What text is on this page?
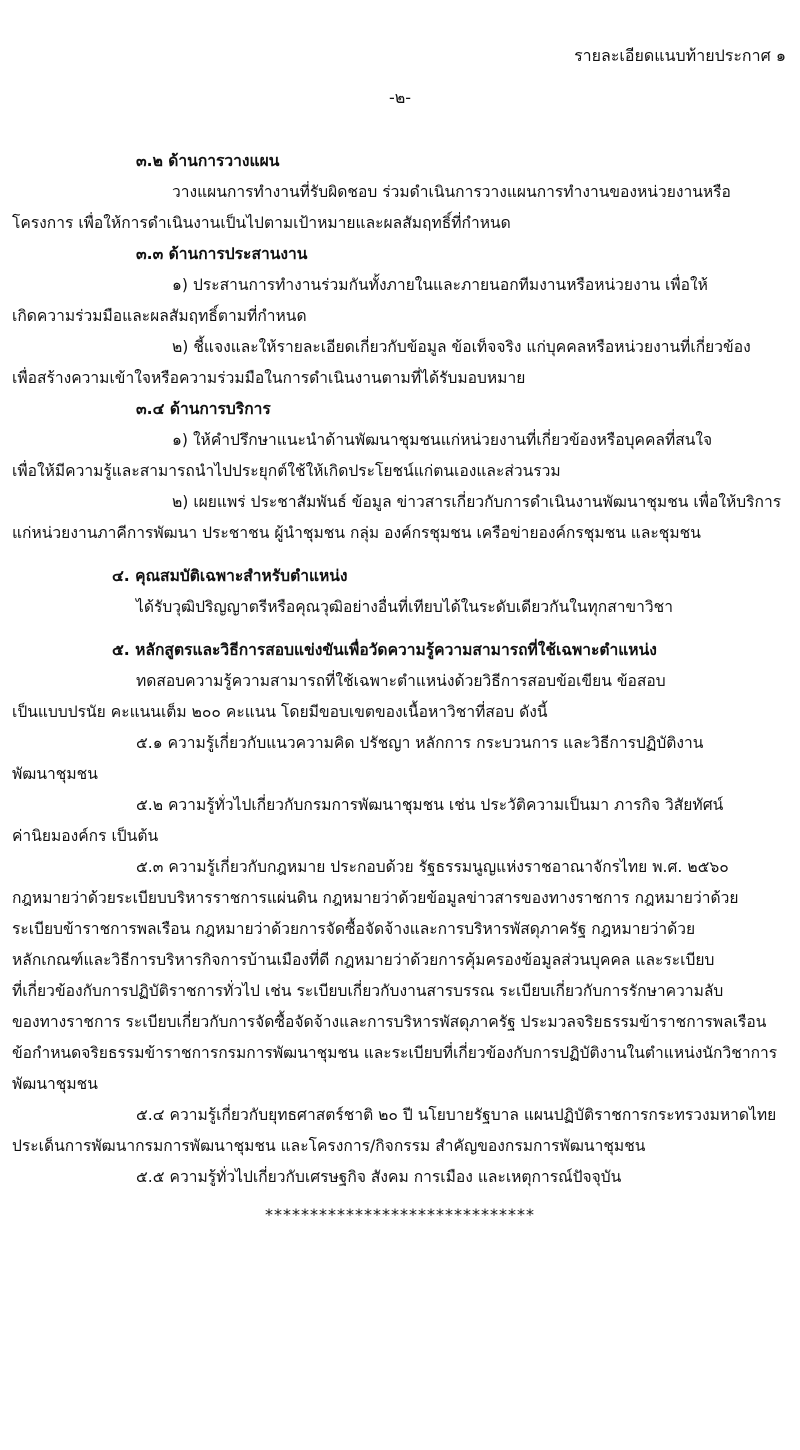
รายละเอียดแนบท้ายประกาศ ๑
-๒-
๓.๒ ด้านการวางแผน
วางแผนการทำงานที่รับผิดชอบ ร่วมดำเนินการวางแผนการทำงานของหน่วยงานหรือ
โครงการ เพื่อให้การดำเนินงานเป็นไปตามเป้าหมายและผลสัมฤทธิ์ที่กำหนด
๓.๓ ด้านการประสานงาน
๑) ประสานการทำงานร่วมกันทั้งภายในและภายนอกทีมงานหรือหน่วยงาน เพื่อให้
เกิดความร่วมมือและผลสัมฤทธิ์ตามที่กำหนด
๒) ชี้แจงและให้รายละเอียดเกี่ยวกับข้อมูล ข้อเท็จจริง แก่บุคคลหรือหน่วยงานที่เกี่ยวข้อง
เพื่อสร้างความเข้าใจหรือความร่วมมือในการดำเนินงานตามที่ได้รับมอบหมาย
๓.๔ ด้านการบริการ
๑) ให้คำปรึกษาแนะนำด้านพัฒนาชุมชนแก่หน่วยงานที่เกี่ยวข้องหรือบุคคลที่สนใจ
เพื่อให้มีความรู้และสามารถนำไปประยุกต์ใช้ให้เกิดประโยชน์แก่ตนเองและส่วนรวม
๒) เผยแพร่ ประชาสัมพันธ์ ข้อมูล ข่าวสารเกี่ยวกับการดำเนินงานพัฒนาชุมชน เพื่อให้บริการ
แก่หน่วยงานภาคีการพัฒนา ประชาชน ผู้นำชุมชน กลุ่ม องค์กรชุมชน เครือข่ายองค์กรชุมชน และชุมชน
๔. คุณสมบัติเฉพาะสำหรับตำแหน่ง
ได้รับวุฒิปริญญาตรีหรือคุณวุฒิอย่างอื่นที่เทียบได้ในระดับเดียวกันในทุกสาขาวิชา
๕. หลักสูตรและวิธีการสอบแข่งขันเพื่อวัดความรู้ความสามารถที่ใช้เฉพาะตำแหน่ง
ทดสอบความรู้ความสามารถที่ใช้เฉพาะตำแหน่งด้วยวิธีการสอบข้อเขียน ข้อสอบ
เป็นแบบปรนัย คะแนนเต็ม ๒๐๐ คะแนน โดยมีขอบเขตของเนื้อหาวิชาที่สอบ ดังนี้
๕.๑ ความรู้เกี่ยวกับแนวความคิด ปรัชญา หลักการ กระบวนการ และวิธีการปฏิบัติงาน
พัฒนาชุมชน
๕.๒ ความรู้ทั่วไปเกี่ยวกับกรมการพัฒนาชุมชน เช่น ประวัติความเป็นมา ภารกิจ วิสัยทัศน์
ค่านิยมองค์กร เป็นต้น
๕.๓ ความรู้เกี่ยวกับกฎหมาย ประกอบด้วย รัฐธรรมนูญแห่งราชอาณาจักรไทย พ.ศ. ๒๕๖๐
กฎหมายว่าด้วยระเบียบบริหารราชการแผ่นดิน กฎหมายว่าด้วยข้อมูลข่าวสารของทางราชการ กฎหมายว่าด้วย
ระเบียบข้าราชการพลเรือน กฎหมายว่าด้วยการจัดซื้อจัดจ้างและการบริหารพัสดุภาครัฐ กฎหมายว่าด้วย
หลักเกณฑ์และวิธีการบริหารกิจการบ้านเมืองที่ดี กฎหมายว่าด้วยการคุ้มครองข้อมูลส่วนบุคคล และระเบียบ
ที่เกี่ยวข้องกับการปฏิบัติราชการทั่วไป เช่น ระเบียบเกี่ยวกับงานสารบรรณ ระเบียบเกี่ยวกับการรักษาความลับ
ของทางราชการ ระเบียบเกี่ยวกับการจัดซื้อจัดจ้างและการบริหารพัสดุภาครัฐ ประมวลจริยธรรมข้าราชการพลเรือน
ข้อกำหนดจริยธรรมข้าราชการกรมการพัฒนาชุมชน และระเบียบที่เกี่ยวข้องกับการปฏิบัติงานในตำแหน่งนักวิชาการ
พัฒนาชุมชน
๕.๔ ความรู้เกี่ยวกับยุทธศาสตร์ชาติ ๒๐ ปี นโยบายรัฐบาล แผนปฏิบัติราชการกระทรวงมหาดไทย
ประเด็นการพัฒนากรมการพัฒนาชุมชน และโครงการ/กิจกรรม สำคัญของกรมการพัฒนาชุมชน
๕.๕ ความรู้ทั่วไปเกี่ยวกับเศรษฐกิจ สังคม การเมือง และเหตุการณ์ปัจจุบัน
******************************
